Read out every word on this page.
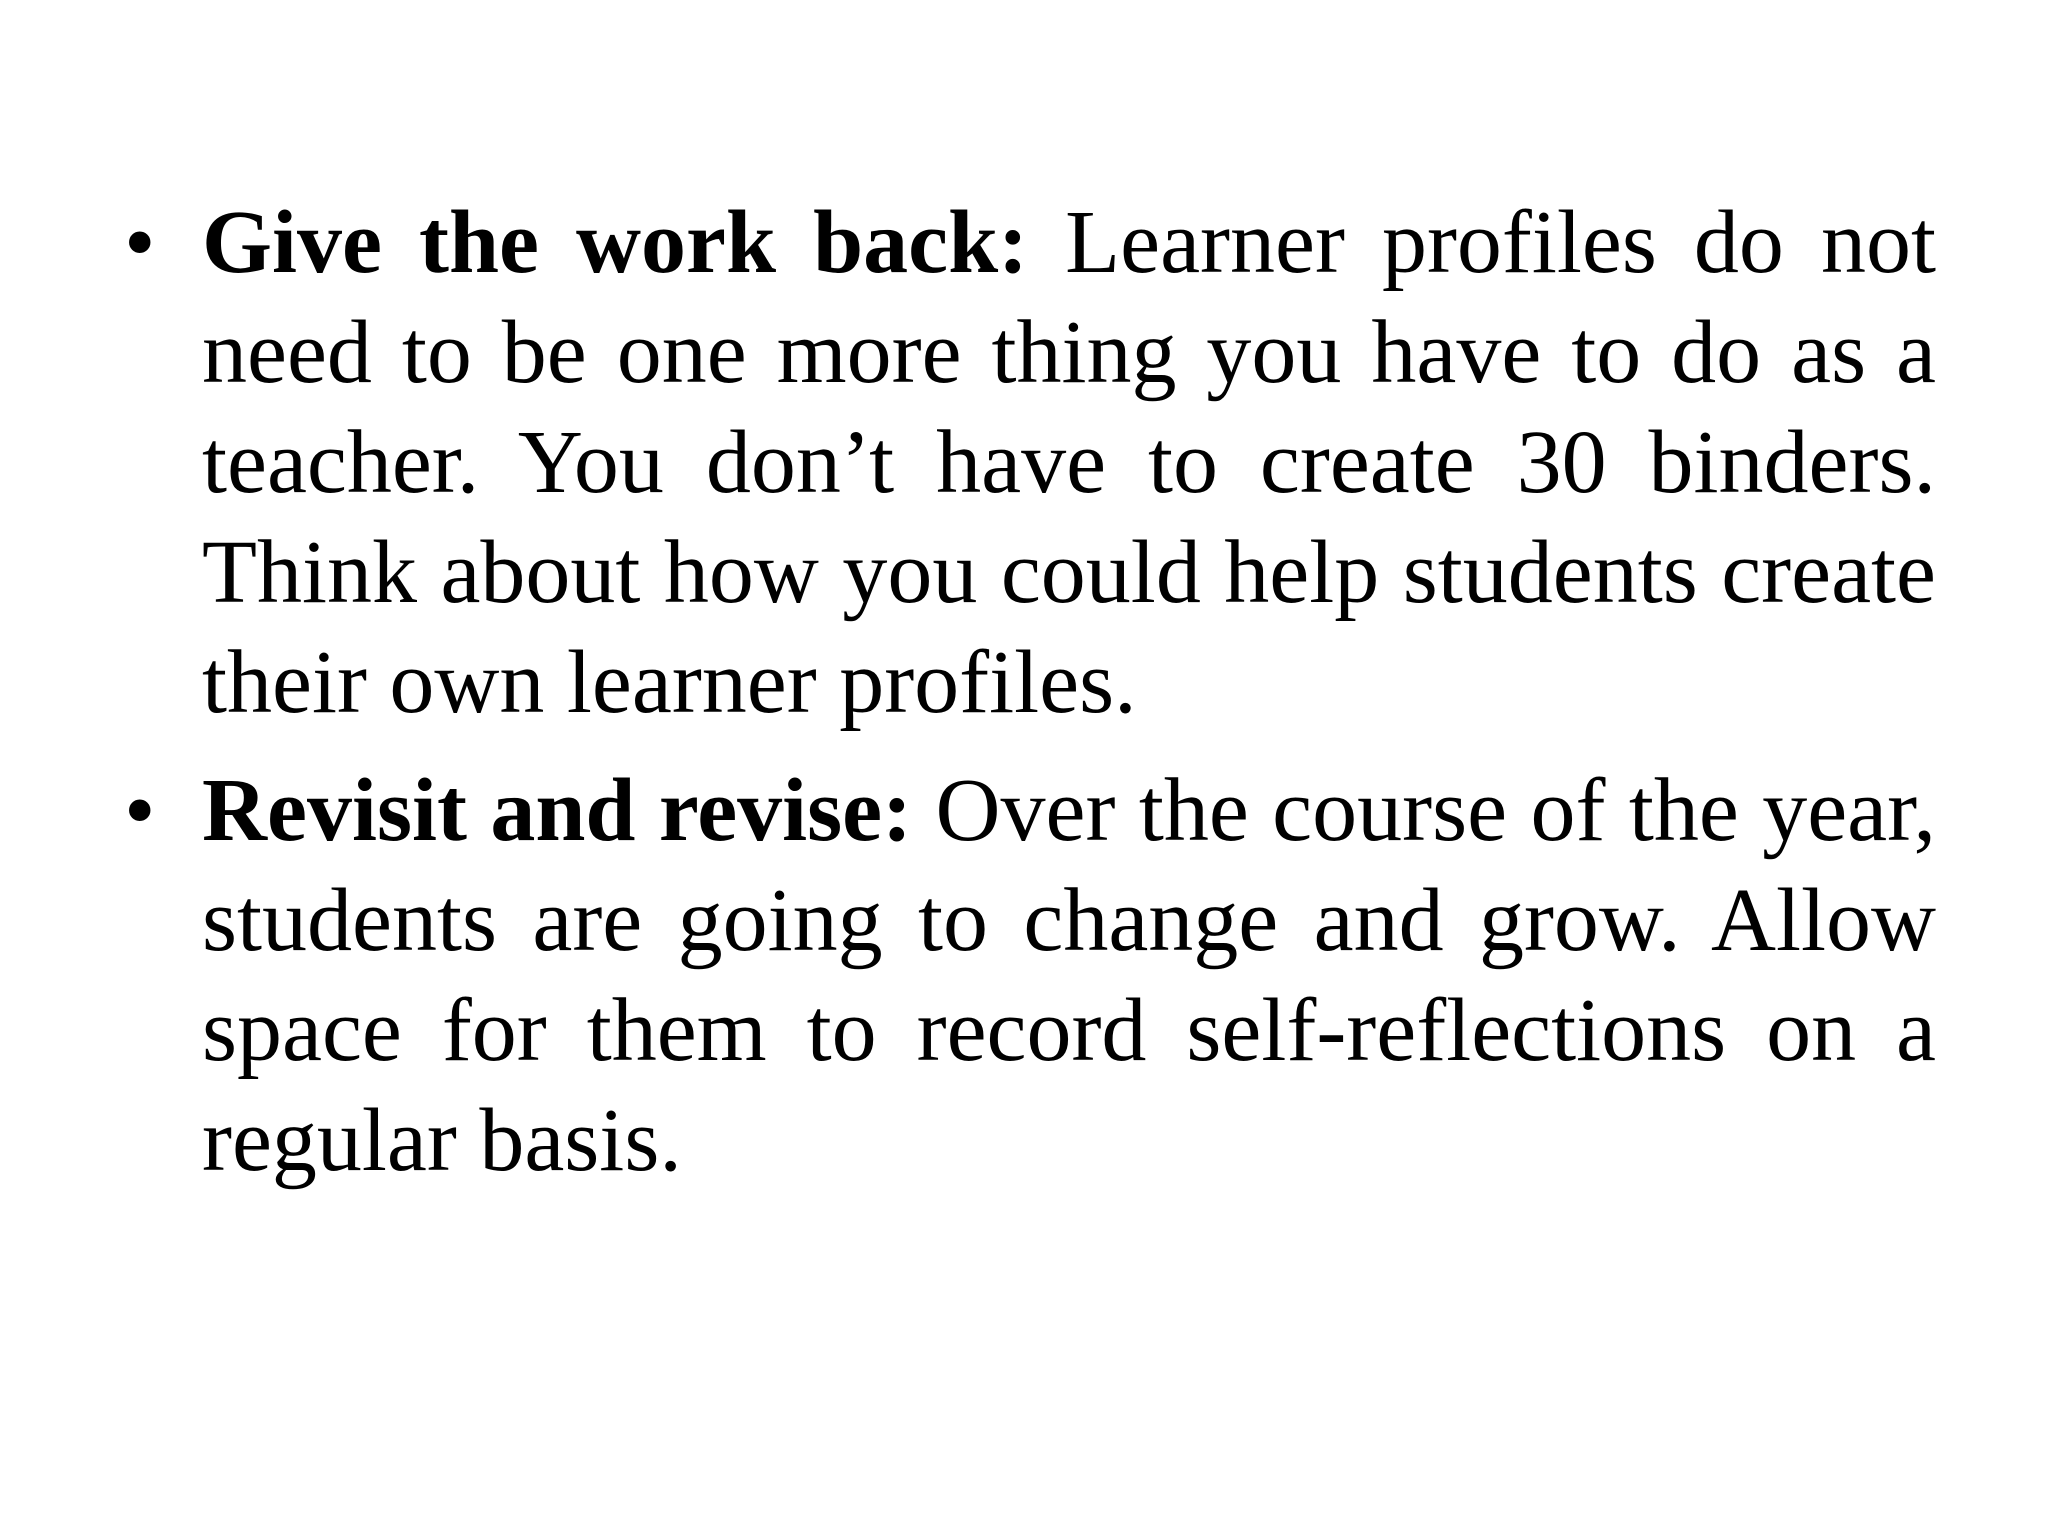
• Give the work back: Learner profiles do not need to be one more thing you have to do as a teacher. You don’t have to create 30 binders. Think about how you could help students create their own learner profiles.
• Revisit and revise: Over the course of the year, students are going to change and grow. Allow space for them to record self-reflections on a regular basis.
